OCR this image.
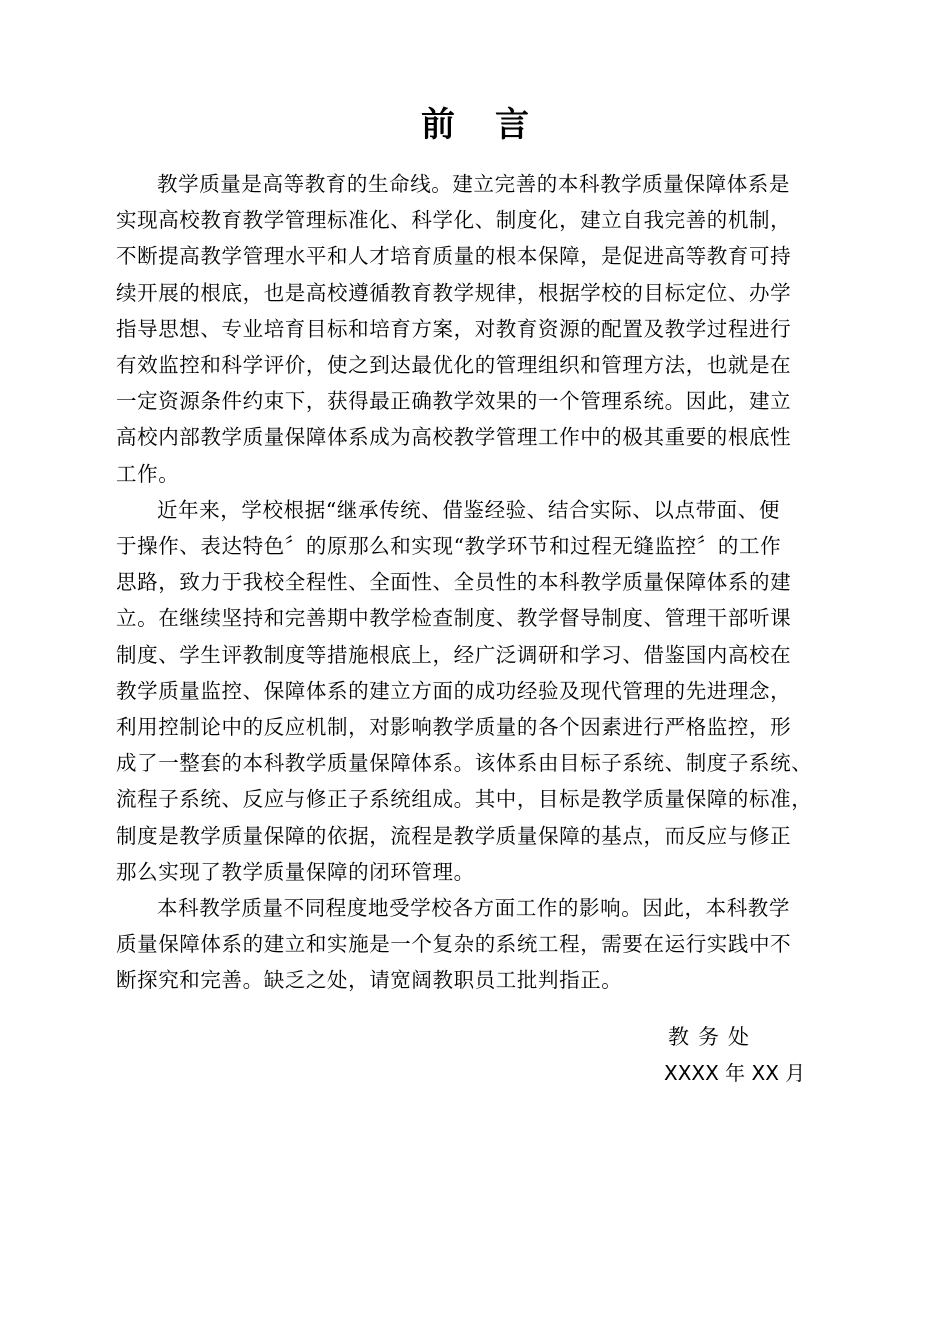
前言

教学质量是高等教育的生命线。建立完善的本科教学质量保障体系是
实现高校教育教学管理标准化、科学化、制度化，建立自我完善的机制，
不断提高教学管理水平和人才培育质量的根本保障，是促进高等教育可持
续开展的根底，也是高校遵循教育教学规律，根据学校的目标定位、办学
指导思想、专业培育目标和培育方案，对教育资源的配置及教学过程进行
有效监控和科学评价，使之到达最优化的管理组织和管理方法，也就是在
一定资源条件约束下，获得最正确教学效果的一个管理系统。因此，建立
高校内部教学质量保障体系成为高校教学管理工作中的极其重要的根底性
工作。

近年来，学校根据“继承传统、借鉴经验、结合实际、以点带面、便
于操作、表达特色〞的原那么和实现“教学环节和过程无缝监控〞的工作
思路，致力于我校全程性、全面性、全员性的本科教学质量保障体系的建
立。在继续坚持和完善期中教学检查制度、教学督导制度、管理干部听课
制度、学生评教制度等措施根底上，经广泛调研和学习、借鉴国内高校在
教学质量监控、保障体系的建立方面的成功经验及现代管理的先进理念，
利用控制论中的反应机制，对影响教学质量的各个因素进行严格监控，形
成了一整套的本科教学质量保障体系。该体系由目标子系统、制度子系统、
流程子系统、反应与修正子系统组成。其中，目标是教学质量保障的标准，
制度是教学质量保障的依据，流程是教学质量保障的基点，而反应与修正
那么实现了教学质量保障的闭环管理。

本科教学质量不同程度地受学校各方面工作的影响。因此，本科教学
质量保障体系的建立和实施是一个复杂的系统工程，需要在运行实践中不
断探究和完善。缺乏之处，请宽阔教职员工批判指正。

教务处
XXXX 年 XX 月
